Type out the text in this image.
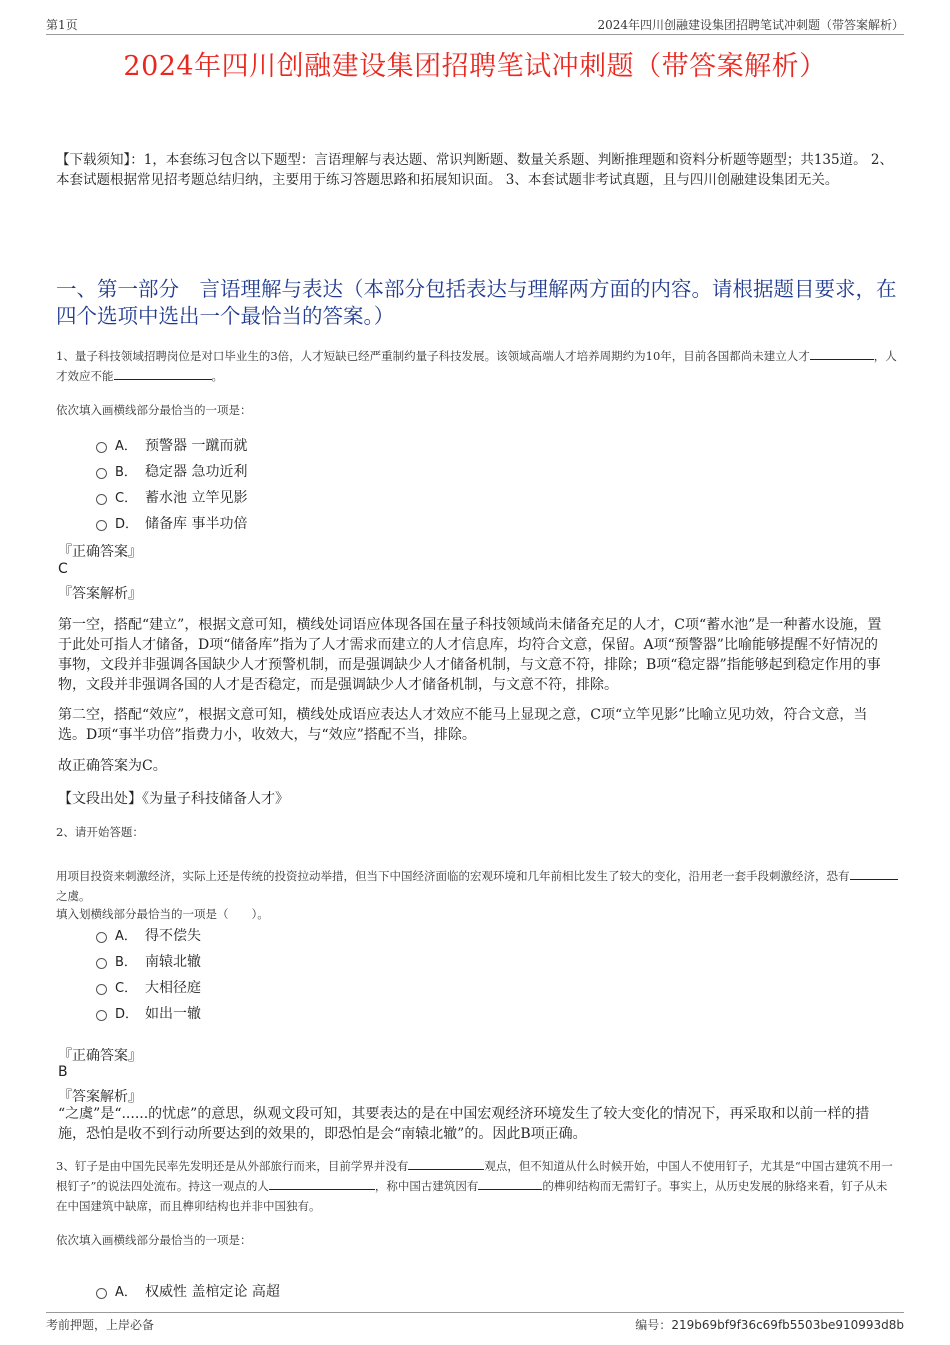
第1页	2024年四川创融建设集团招聘笔试冲刺题（带答案解析）
2024年四川创融建设集团招聘笔试冲刺题（带答案解析）
【下载须知】：1，本套练习包含以下题型：言语理解与表达题、常识判断题、数量关系题、判断推理题和资料分析题等题型；共135道。 2、本套试题根据常见招考题总结归纳，主要用于练习答题思路和拓展知识面。 3、本套试题非考试真题，且与四川创融建设集团无关。
一、第一部分　言语理解与表达（本部分包括表达与理解两方面的内容。请根据题目要求，在四个选项中选出一个最恰当的答案。）
1、量子科技领域招聘岗位是对口毕业生的3倍，人才短缺已经严重制约量子科技发展。该领域高端人才培养周期约为10年，目前各国都尚未建立人才	，人才效应不能	。
依次填入画横线部分最恰当的一项是：
A． 预警器 一蹴而就
B． 稳定器 急功近利
C． 蓄水池 立竿见影
D． 储备库 事半功倍
『正确答案』
C
『答案解析』
第一空，搭配“建立”，根据文意可知，横线处词语应体现各国在量子科技领域尚未储备充足的人才，C项“蓄水池”是一种蓄水设施，置于此处可指人才储备，D项“储备库”指为了人才需求而建立的人才信息库，均符合文意，保留。A项“预警器”比喻能够提醒不好情况的事物，文段并非强调各国缺少人才预警机制，而是强调缺少人才储备机制，与文意不符，排除；B项“稳定器”指能够起到稳定作用的事物，文段并非强调各国的人才是否稳定，而是强调缺少人才储备机制，与文意不符，排除。
第二空，搭配“效应”，根据文意可知，横线处成语应表达人才效应不能马上显现之意，C项“立竿见影”比喻立见功效，符合文意，当选。D项“事半功倍”指费力小，收效大，与“效应”搭配不当，排除。
故正确答案为C。
【文段出处】《为量子科技储备人才》
2、请开始答题：
用项目投资来刺激经济，实际上还是传统的投资拉动举措，但当下中国经济面临的宏观环境和几年前相比发生了较大的变化，沿用老一套手段刺激经济，恐有之虞。
填入划横线部分最恰当的一项是（　　）。
A． 得不偿失
B． 南辕北辙
C． 大相径庭
D． 如出一辙
『正确答案』
B
『答案解析』
“之虞”是“......的忧虑”的意思，纵观文段可知，其要表达的是在中国宏观经济环境发生了较大变化的情况下，再采取和以前一样的措施，恐怕是收不到行动所要达到的效果的，即恐怕是会“南辕北辙”的。因此B项正确。
3、钉子是由中国先民率先发明还是从外部旅行而来，目前学界并没有	观点，但不知道从什么时候开始，中国人不使用钉子，尤其是“中国古建筑不用一根钉子”的说法四处流布。持这一观点的人	，称中国古建筑因有	的榫卯结构而无需钉子。事实上，从历史发展的脉络来看，钉子从未在中国建筑中缺席，而且榫卯结构也并非中国独有。
依次填入画横线部分最恰当的一项是：
A． 权威性 盖棺定论 高超
考前押题，上岸必备	编号：219b69bf9f36c69fb5503be910993d8b
